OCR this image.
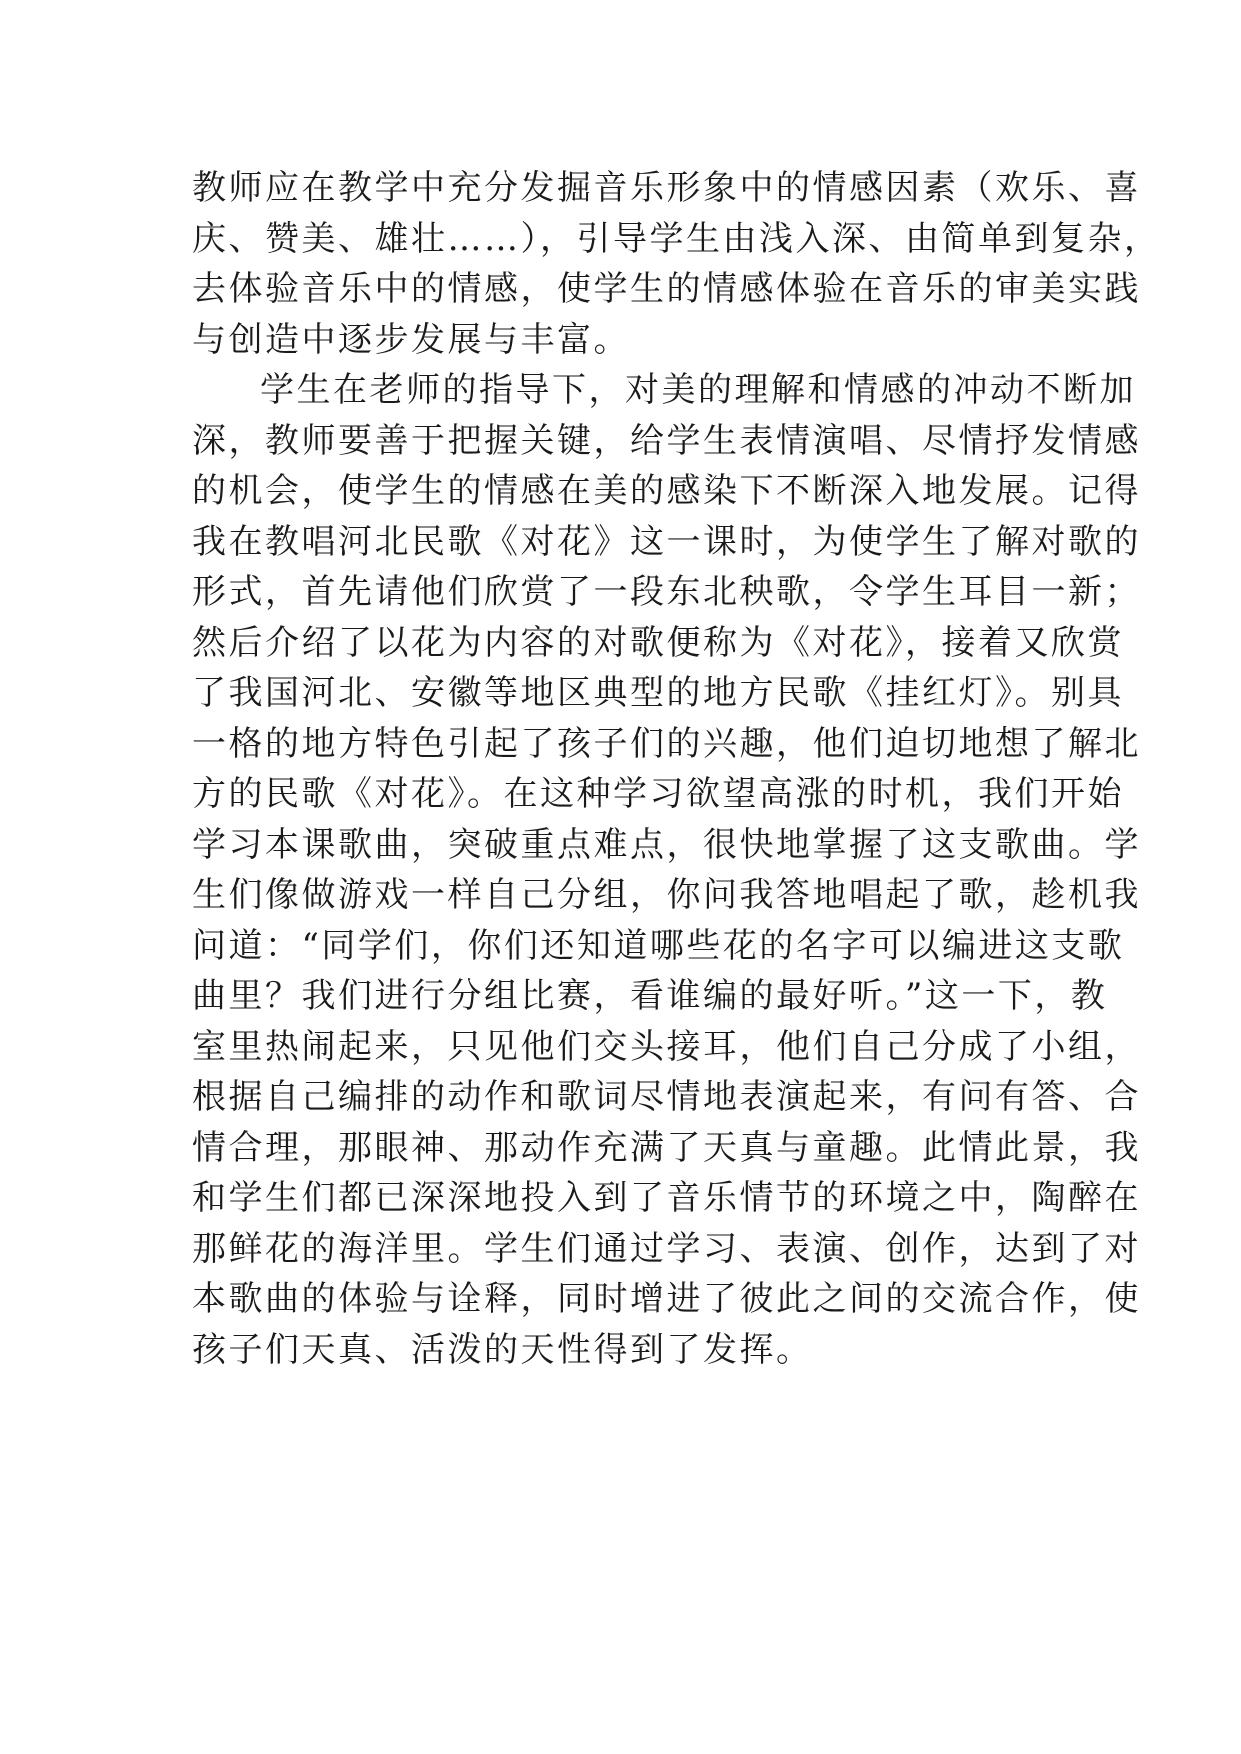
教师应在教学中充分发掘音乐形象中的情感因素（欢乐、喜
庆、赞美、雄壮……），引导学生由浅入深、由简单到复杂，
去体验音乐中的情感，使学生的情感体验在音乐的审美实践
与创造中逐步发展与丰富。
学生在老师的指导下，对美的理解和情感的冲动不断加
深，教师要善于把握关键，给学生表情演唱、尽情抒发情感
的机会，使学生的情感在美的感染下不断深入地发展。记得
我在教唱河北民歌《对花》这一课时，为使学生了解对歌的
形式，首先请他们欣赏了一段东北秧歌，令学生耳目一新；
然后介绍了以花为内容的对歌便称为《对花》，接着又欣赏
了我国河北、安徽等地区典型的地方民歌《挂红灯》。别具
一格的地方特色引起了孩子们的兴趣，他们迫切地想了解北
方的民歌《对花》。在这种学习欲望高涨的时机，我们开始
学习本课歌曲，突破重点难点，很快地掌握了这支歌曲。学
生们像做游戏一样自己分组，你问我答地唱起了歌，趁机我
问道：“同学们，你们还知道哪些花的名字可以编进这支歌
曲里？我们进行分组比赛，看谁编的最好听。”这一下，教
室里热闹起来，只见他们交头接耳，他们自己分成了小组，
根据自己编排的动作和歌词尽情地表演起来，有问有答、合
情合理，那眼神、那动作充满了天真与童趣。此情此景，我
和学生们都已深深地投入到了音乐情节的环境之中，陶醉在
那鲜花的海洋里。学生们通过学习、表演、创作，达到了对
本歌曲的体验与诠释，同时增进了彼此之间的交流合作，使
孩子们天真、活泼的天性得到了发挥。
